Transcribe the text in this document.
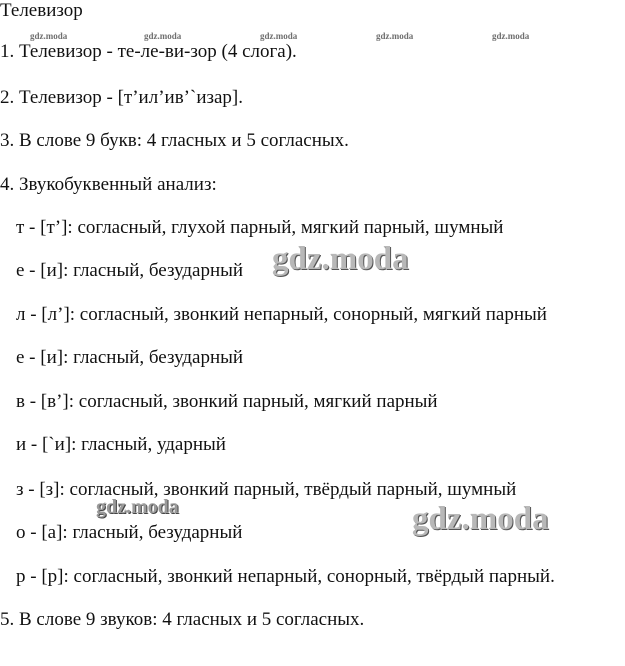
Телевизор
gdz.moda	gdz.moda	gdz.moda	gdz.moda	gdz.moda
1. Телевизор - те-ле-ви-зор (4 слога).
2. Телевизор - [т’ил’ив’`изар].
3. В слове 9 букв: 4 гласных и 5 согласных.
4. Звукобуквенный анализ:
т - [т’]: согласный, глухой парный, мягкий парный, шумный
е - [и]: гласный, безударный
л - [л’]: согласный, звонкий непарный, сонорный, мягкий парный
е - [и]: гласный, безударный
в - [в’]: согласный, звонкий парный, мягкий парный
и - [`и]: гласный, ударный
з - [з]: согласный, звонкий парный, твёрдый парный, шумный
о - [а]: гласный, безударный
р - [р]: согласный, звонкий непарный, сонорный, твёрдый парный.
5. В слове 9 звуков: 4 гласных и 5 согласных.
gdz.moda
gdz.moda	gdz.moda
